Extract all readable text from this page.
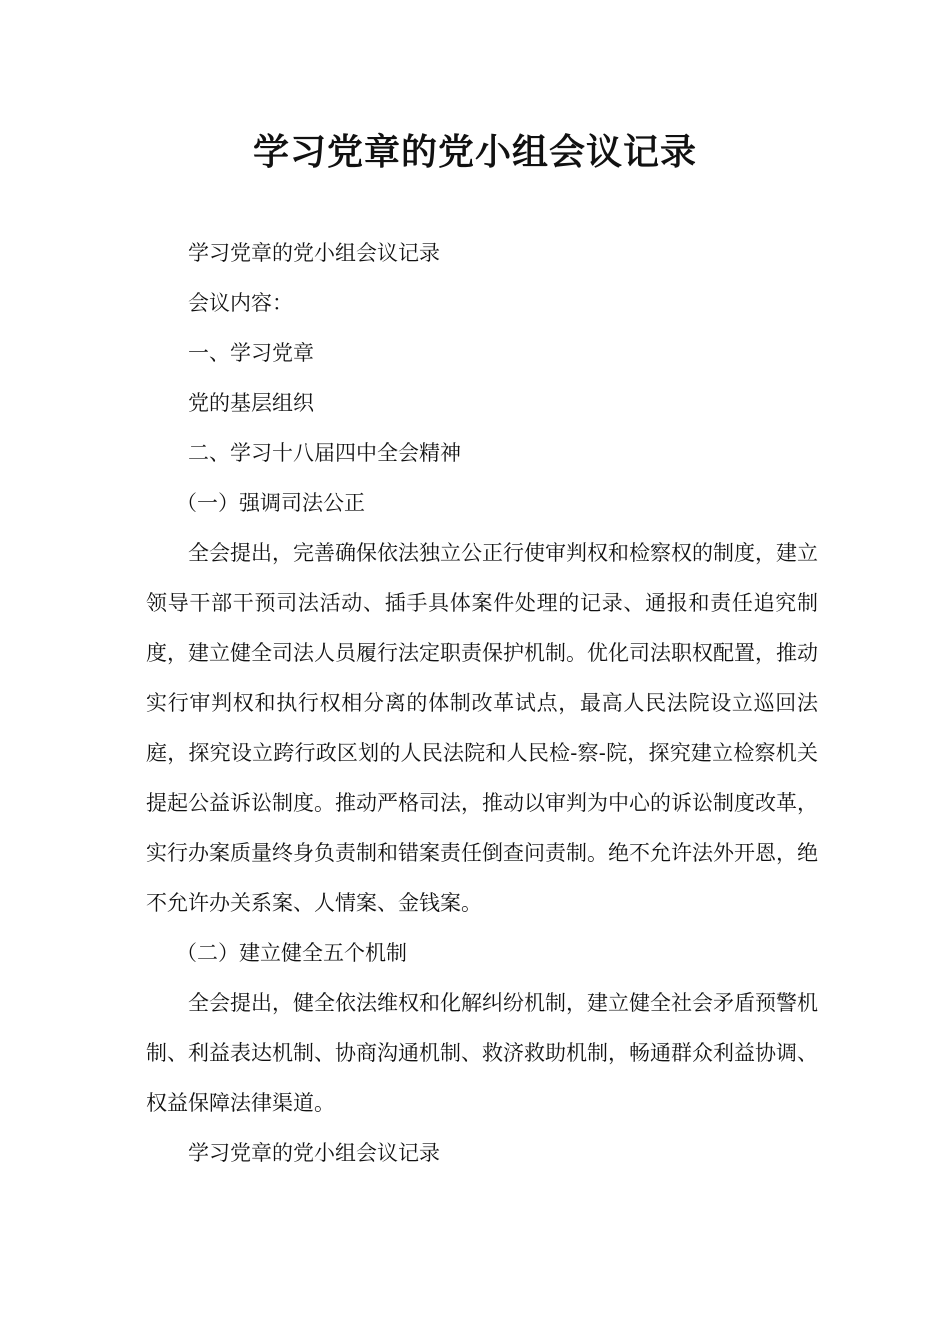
学习党章的党小组会议记录

学习党章的党小组会议记录

会议内容：

一、学习党章

党的基层组织

二、学习十八届四中全会精神

（一）强调司法公正

全会提出，完善确保依法独立公正行使审判权和检察权的制度，建立领导干部干预司法活动、插手具体案件处理的记录、通报和责任追究制度，建立健全司法人员履行法定职责保护机制。优化司法职权配置，推动实行审判权和执行权相分离的体制改革试点，最高人民法院设立巡回法庭，探究设立跨行政区划的人民法院和人民检-察-院，探究建立检察机关提起公益诉讼制度。推动严格司法，推动以审判为中心的诉讼制度改革，实行办案质量终身负责制和错案责任倒查问责制。绝不允许法外开恩，绝不允许办关系案、人情案、金钱案。

（二）建立健全五个机制

全会提出，健全依法维权和化解纠纷机制，建立健全社会矛盾预警机制、利益表达机制、协商沟通机制、救济救助机制，畅通群众利益协调、权益保障法律渠道。

学习党章的党小组会议记录
